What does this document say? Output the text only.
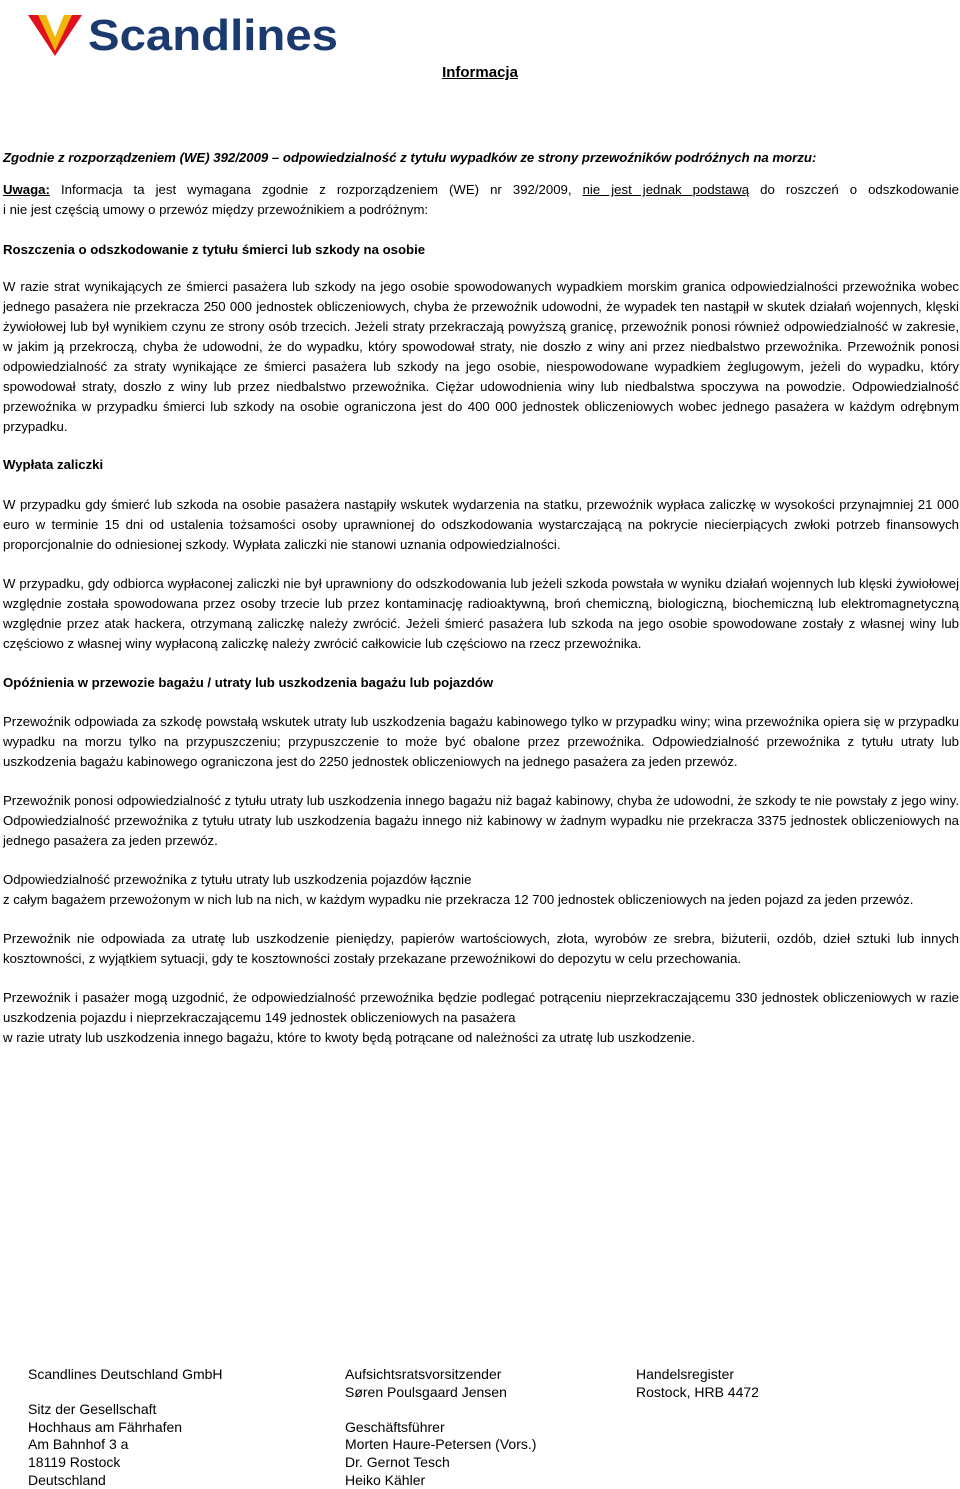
Scandlines
Informacja

Zgodnie z rozporządzeniem (WE) 392/2009 – odpowiedzialność z tytułu wypadków ze strony przewoźników podróżnych na morzu:

Uwaga: Informacja ta jest wymagana zgodnie z rozporządzeniem (WE) nr 392/2009, nie jest jednak podstawą do roszczeń o odszkodowanie

i nie jest częścią umowy o przewóz między przewoźnikiem a podróżnym:

Roszczenia o odszkodowanie z tytułu śmierci lub szkody na osobie

W razie strat wynikających ze śmierci pasażera lub szkody na jego osobie spowodowanych wypadkiem morskim granica odpowiedzialności przewoźnika wobec jednego pasażera nie przekracza 250 000 jednostek obliczeniowych, chyba że przewoźnik udowodni, że wypadek ten nastąpił w skutek działań wojennych, klęski żywiołowej lub był wynikiem czynu ze strony osób trzecich. Jeżeli straty przekraczają powyższą granicę, przewoźnik ponosi również odpowiedzialność w zakresie, w jakim ją przekroczą, chyba że udowodni, że do wypadku, który spowodował straty, nie doszło z winy ani przez niedbalstwo przewoźnika. Przewoźnik ponosi odpowiedzialność za straty wynikające ze śmierci pasażera lub szkody na jego osobie, niespowodowane wypadkiem żeglugowym, jeżeli do wypadku, który spowodował straty, doszło z winy lub przez niedbalstwo przewoźnika. Ciężar udowodnienia winy lub niedbalstwa spoczywa na powodzie. Odpowiedzialność przewoźnika w przypadku śmierci lub szkody na osobie ograniczona jest do 400 000 jednostek obliczeniowych wobec jednego pasażera w każdym odrębnym przypadku.

Wypłata zaliczki

W przypadku gdy śmierć lub szkoda na osobie pasażera nastąpiły wskutek wydarzenia na statku, przewoźnik wypłaca zaliczkę w wysokości przynajmniej 21 000 euro w terminie 15 dni od ustalenia tożsamości osoby uprawnionej do odszkodowania wystarczającą na pokrycie niecierpiących zwłoki potrzeb finansowych proporcjonalnie do odniesionej szkody. Wypłata zaliczki nie stanowi uznania odpowiedzialności.

W przypadku, gdy odbiorca wypłaconej zaliczki nie był uprawniony do odszkodowania lub jeżeli szkoda powstała w wyniku działań wojennych lub klęski żywiołowej względnie została spowodowana przez osoby trzecie lub przez kontaminację radioaktywną, broń chemiczną, biologiczną, biochemiczną lub elektromagnetyczną względnie przez atak hackera, otrzymaną zaliczkę należy zwrócić. Jeżeli śmierć pasażera lub szkoda na jego osobie spowodowane zostały z własnej winy lub częściowo z własnej winy wypłaconą zaliczkę należy zwrócić całkowicie lub częściowo na rzecz przewoźnika.

Opóźnienia w przewozie bagażu / utraty lub uszkodzenia bagażu lub pojazdów

Przewoźnik odpowiada za szkodę powstałą wskutek utraty lub uszkodzenia bagażu kabinowego tylko w przypadku winy; wina przewoźnika opiera się w przypadku wypadku na morzu tylko na przypuszczeniu; przypuszczenie to może być obalone przez przewoźnika. Odpowiedzialność przewoźnika z tytułu utraty lub uszkodzenia bagażu kabinowego ograniczona jest do 2250 jednostek obliczeniowych na jednego pasażera za jeden przewóz.

Przewoźnik ponosi odpowiedzialność z tytułu utraty lub uszkodzenia innego bagażu niż bagaż kabinowy, chyba że udowodni, że szkody te nie powstały z jego winy. Odpowiedzialność przewoźnika z tytułu utraty lub uszkodzenia bagażu innego niż kabinowy w żadnym wypadku nie przekracza 3375 jednostek obliczeniowych na jednego pasażera za jeden przewóz.

Odpowiedzialność przewoźnika z tytułu utraty lub uszkodzenia pojazdów łącznie
z całym bagażem przewożonym w nich lub na nich, w każdym wypadku nie przekracza 12 700 jednostek obliczeniowych na jeden pojazd za jeden przewóz.

Przewoźnik nie odpowiada za utratę lub uszkodzenie pieniędzy, papierów wartościowych, złota, wyrobów ze srebra, biżuterii, ozdób, dzieł sztuki lub innych kosztowności, z wyjątkiem sytuacji, gdy te kosztowności zostały przekazane przewoźnikowi do depozytu w celu przechowania.

Przewoźnik i pasażer mogą uzgodnić, że odpowiedzialność przewoźnika będzie podlegać potrąceniu nieprzekraczającemu 330 jednostek obliczeniowych w razie uszkodzenia pojazdu i nieprzekraczającemu 149 jednostek obliczeniowych na pasażera
w razie utraty lub uszkodzenia innego bagażu, które to kwoty będą potrącane od należności za utratę lub uszkodzenie.

Scandlines Deutschland GmbH

Sitz der Gesellschaft
Hochhaus am Fährhafen
Am Bahnhof 3 a
18119 Rostock
Deutschland
Aufsichtsratsvorsitzender
Søren Poulsgaard Jensen

Geschäftsführer
Morten Haure-Petersen (Vors.)
Dr. Gernot Tesch
Heiko Kähler
Handelsregister
Rostock, HRB 4472
